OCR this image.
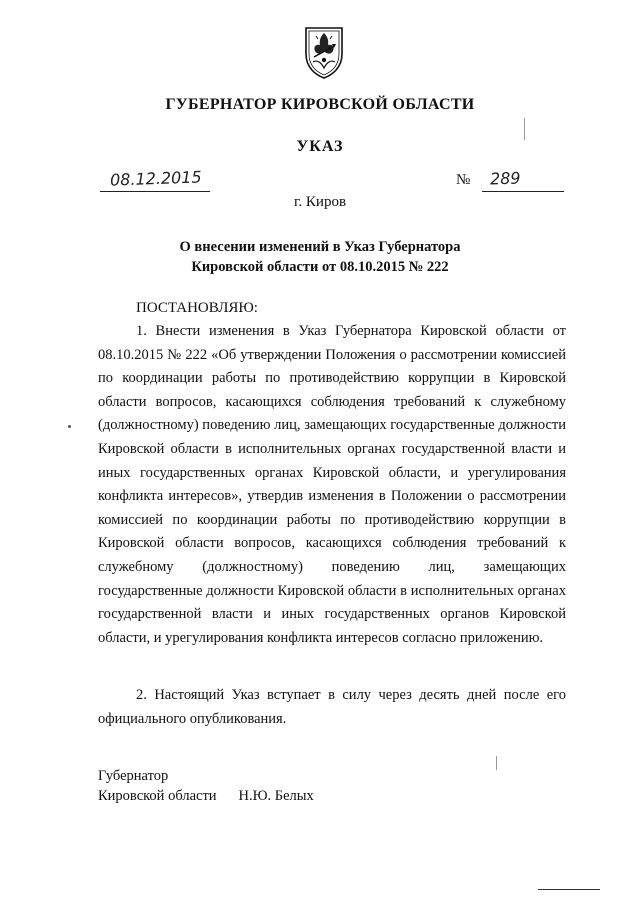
ГУБЕРНАТОР КИРОВСКОЙ ОБЛАСТИ
УКАЗ
08.12.2015	№ 289
г. Киров
О внесении изменений в Указ Губернатора
Кировской области от 08.10.2015 № 222
ПОСТАНОВЛЯЮ:

1. Внести изменения в Указ Губернатора Кировской области от 08.10.2015 № 222 «Об утверждении Положения о рассмотрении комиссией по координации работы по противодействию коррупции в Кировской области вопросов, касающихся соблюдения требований к служебному (должностному) поведению лиц, замещающих государственные должности Кировской области в исполнительных органах государственной власти и иных государственных органах Кировской области, и урегулирования конфликта интересов», утвердив изменения в Положении о рассмотрении комиссией по координации работы по противодействию коррупции в Кировской области вопросов, касающихся соблюдения требований к служебному (должностному) поведению лиц, замещающих государственные должности Кировской области в исполнительных органах государственной власти и иных государственных органов Кировской области, и урегулирования конфликта интересов согласно приложению.

2. Настоящий Указ вступает в силу через десять дней после его официального опубликования.

Губернатор
Кировской области Н.Ю. Белых
